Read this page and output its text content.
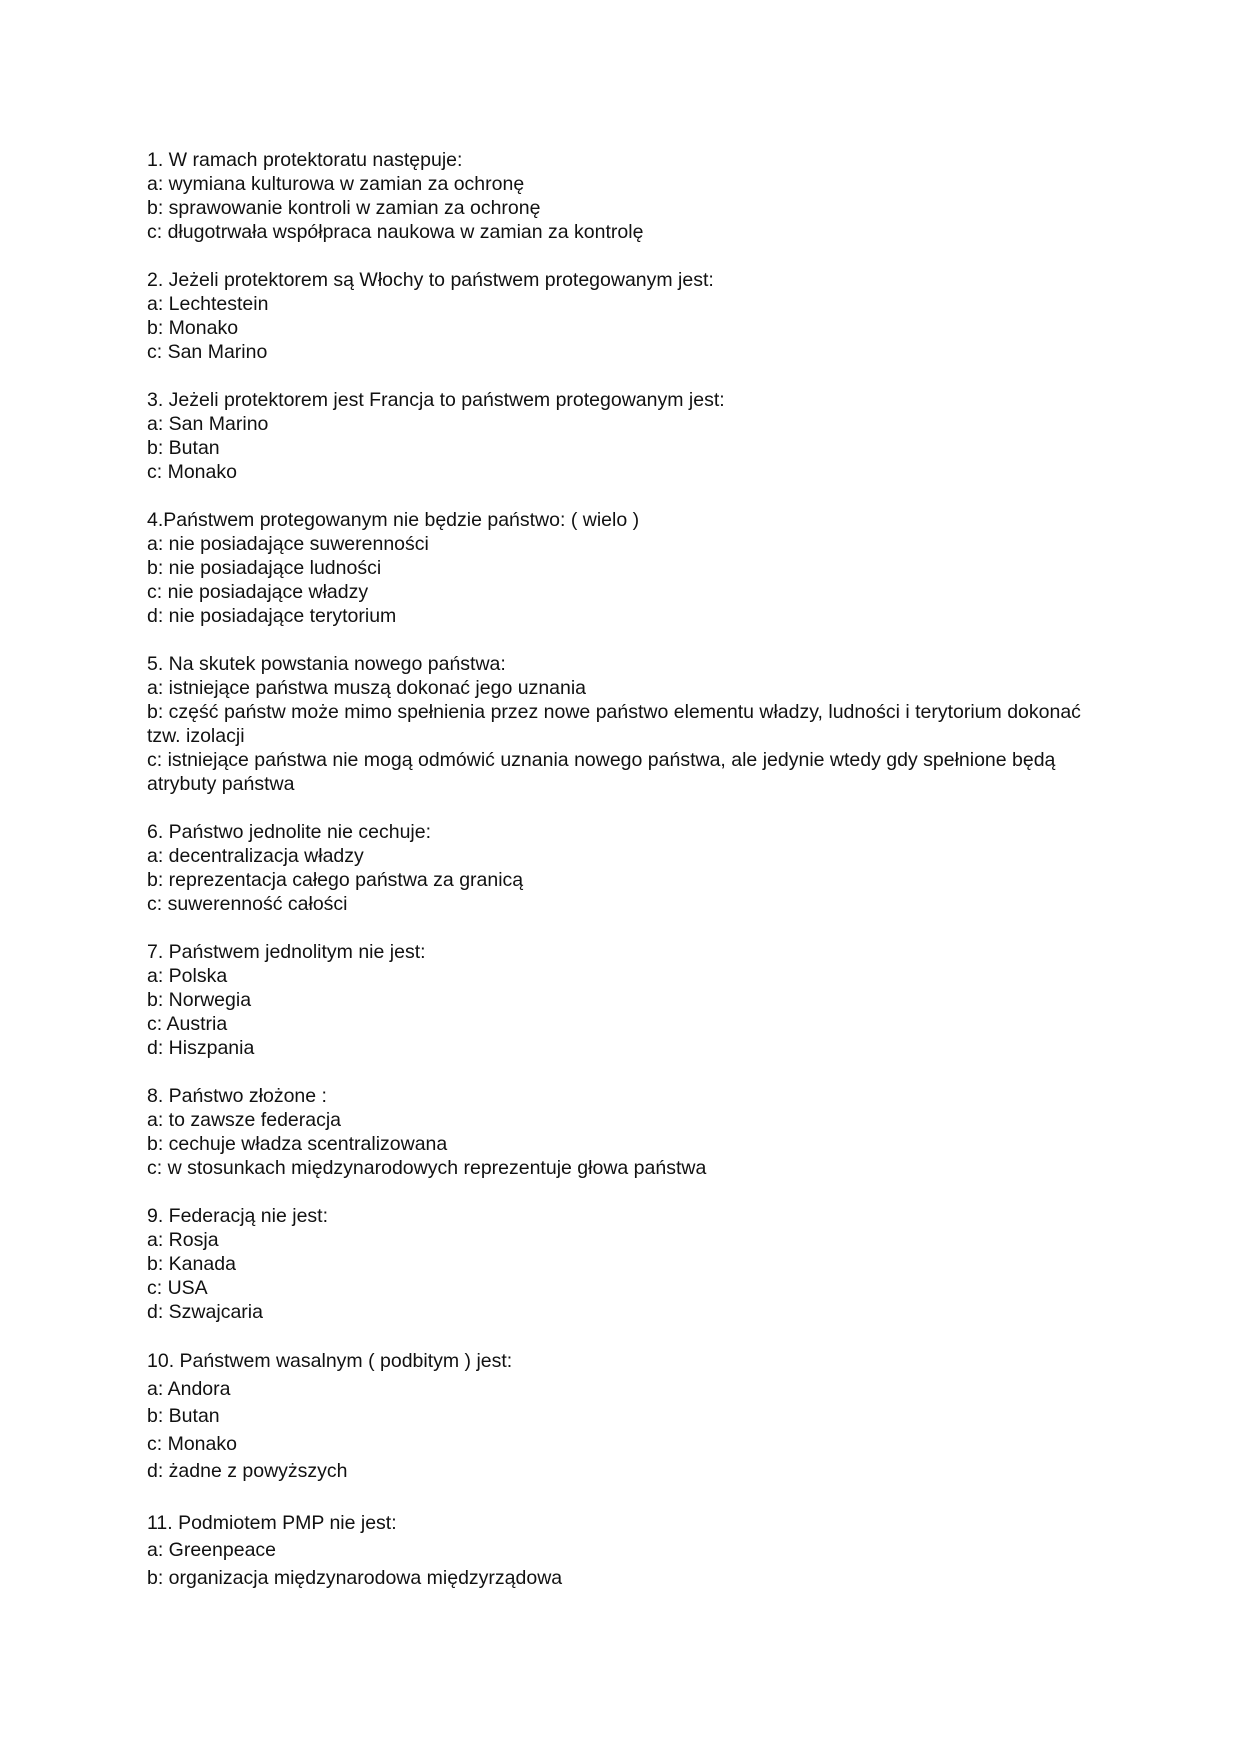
1. W ramach protektoratu następuje:
a: wymiana kulturowa w zamian za ochronę
b: sprawowanie kontroli w zamian za ochronę
c: długotrwała współpraca naukowa w zamian za kontrolę
2. Jeżeli protektorem są Włochy to państwem protegowanym jest:
a: Lechtestein
b: Monako
c: San Marino
3. Jeżeli protektorem jest Francja to państwem protegowanym jest:
a: San Marino
b: Butan
c: Monako
4.Państwem protegowanym nie będzie państwo: ( wielo )
a: nie posiadające suwerenności
b: nie posiadające ludności
c: nie posiadające władzy
d: nie posiadające terytorium
5. Na skutek powstania nowego państwa:
a: istniejące państwa muszą dokonać jego uznania
b: część państw może mimo spełnienia przez nowe państwo elementu władzy, ludności i terytorium dokonać tzw. izolacji
c: istniejące państwa nie mogą odmówić uznania nowego państwa, ale jedynie wtedy gdy spełnione będą atrybuty państwa
6. Państwo jednolite nie cechuje:
a: decentralizacja władzy
b: reprezentacja całego państwa za granicą
c: suwerenność całości
7. Państwem jednolitym nie jest:
a: Polska
b: Norwegia
c: Austria
d: Hiszpania
8. Państwo złożone :
a: to zawsze federacja
b: cechuje władza scentralizowana
c: w stosunkach międzynarodowych reprezentuje głowa państwa
9. Federacją nie jest:
a: Rosja
b: Kanada
c: USA
d: Szwajcaria
10. Państwem wasalnym ( podbitym ) jest:
a: Andora
b: Butan
c: Monako
d: żadne z powyższych
11. Podmiotem PMP nie jest:
a: Greenpeace
b: organizacja międzynarodowa międzyrządowa
